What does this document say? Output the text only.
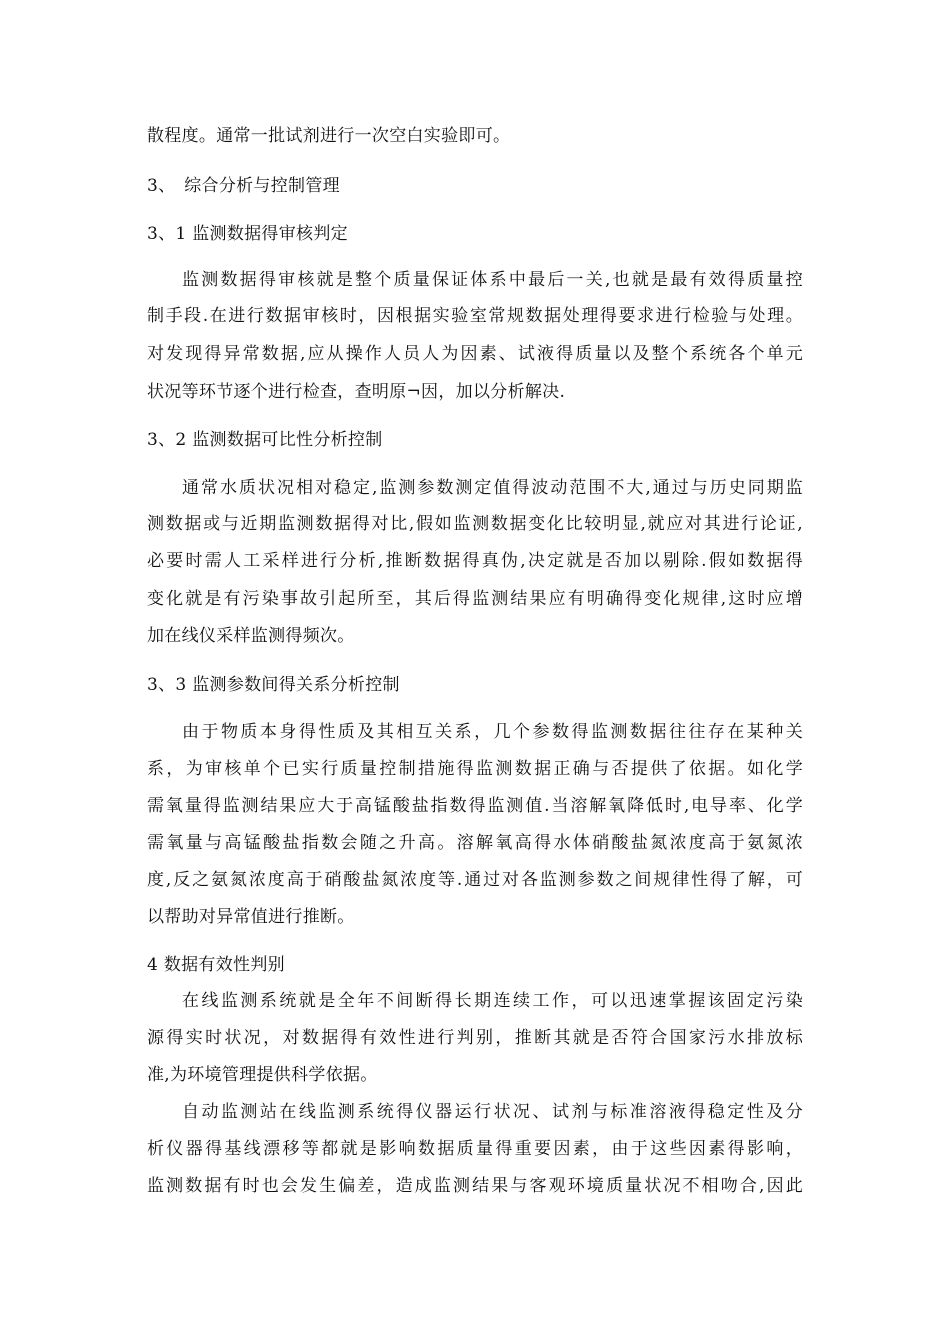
散程度。通常一批试剂进行一次空白实验即可。

3、　综合分析与控制管理

3、1 监测数据得审核判定

监测数据得审核就是整个质量保证体系中最后一关,也就是最有效得质量控

制手段.在进行数据审核时，因根据实验室常规数据处理得要求进行检验与处理。

对发现得异常数据,应从操作人员人为因素、试液得质量以及整个系统各个单元

状况等环节逐个进行检查，查明原¬因，加以分析解决.

3、2 监测数据可比性分析控制

通常水质状况相对稳定,监测参数测定值得波动范围不大,通过与历史同期监

测数据或与近期监测数据得对比,假如监测数据变化比较明显,就应对其进行论证,

必要时需人工采样进行分析,推断数据得真伪,决定就是否加以剔除.假如数据得

变化就是有污染事故引起所至，其后得监测结果应有明确得变化规律,这时应增

加在线仪采样监测得频次。

3、3 监测参数间得关系分析控制

由于物质本身得性质及其相互关系，几个参数得监测数据往往存在某种关

系，为审核单个已实行质量控制措施得监测数据正确与否提供了依据。如化学

需氧量得监测结果应大于高锰酸盐指数得监测值.当溶解氧降低时,电导率、化学

需氧量与高锰酸盐指数会随之升高。溶解氧高得水体硝酸盐氮浓度高于氨氮浓

度,反之氨氮浓度高于硝酸盐氮浓度等.通过对各监测参数之间规律性得了解，可

以帮助对异常值进行推断。

4 数据有效性判别

在线监测系统就是全年不间断得长期连续工作，可以迅速掌握该固定污染

源得实时状况，对数据得有效性进行判别，推断其就是否符合国家污水排放标

准,为环境管理提供科学依据。

自动监测站在线监测系统得仪器运行状况、试剂与标准溶液得稳定性及分

析仪器得基线漂移等都就是影响数据质量得重要因素，由于这些因素得影响，

监测数据有时也会发生偏差，造成监测结果与客观环境质量状况不相吻合,因此
